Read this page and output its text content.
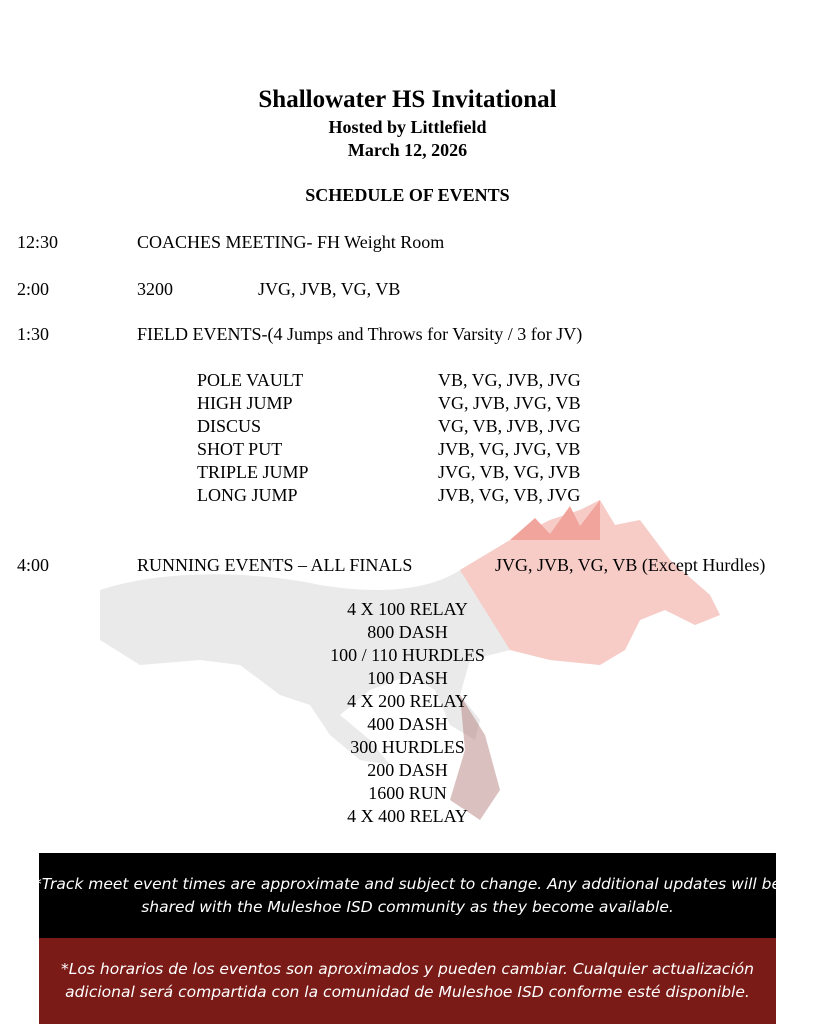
Shallowater HS Invitational
Hosted by Littlefield
March 12, 2026
SCHEDULE OF EVENTS
12:30	COACHES MEETING- FH Weight Room
2:00	3200	JVG, JVB, VG, VB
1:30	FIELD EVENTS-(4 Jumps and Throws for Varsity / 3 for JV)
POLE VAULT	VB, VG, JVB, JVG
HIGH JUMP	VG, JVB, JVG, VB
DISCUS	VG, VB, JVB, JVG
SHOT PUT	JVB, VG, JVG, VB
TRIPLE JUMP	JVG, VB, VG, JVB
LONG JUMP	JVB, VG, VB, JVG
4:00	RUNNING EVENTS – ALL FINALS	JVG, JVB, VG, VB (Except Hurdles)
4 X 100 RELAY
800 DASH
100 / 110 HURDLES
100 DASH
4 X 200 RELAY
400 DASH
300 HURDLES
200 DASH
1600 RUN
4 X 400 RELAY
*Track meet event times are approximate and subject to change. Any additional updates will be
shared with the Muleshoe ISD community as they become available.
*Los horarios de los eventos son aproximados y pueden cambiar. Cualquier actualización
adicional será compartida con la comunidad de Muleshoe ISD conforme esté disponible.
